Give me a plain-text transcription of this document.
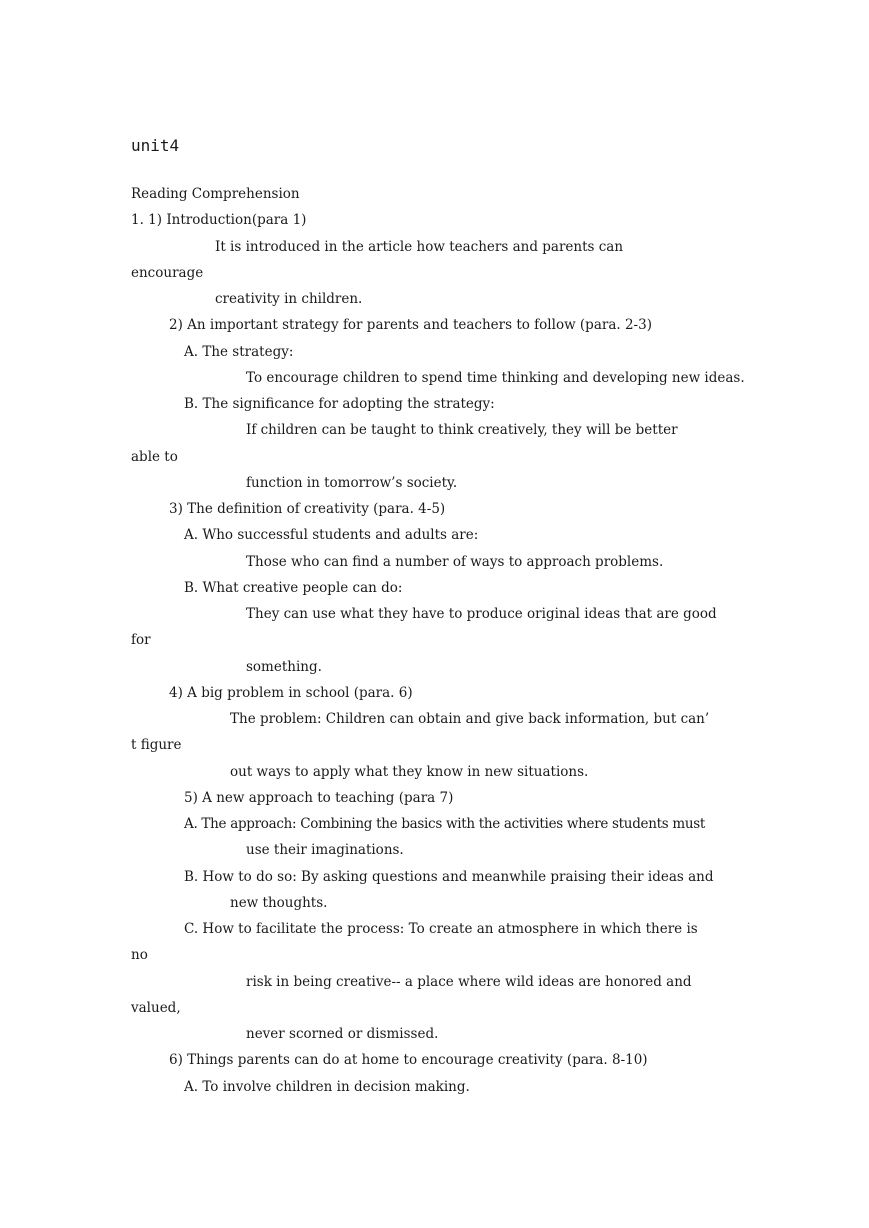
unit4
Reading Comprehension
1. 1) Introduction(para 1)
It is introduced in the article how teachers and parents can
encourage
creativity in children.
2) An important strategy for parents and teachers to follow (para. 2-3)
A. The strategy:
To encourage children to spend time thinking and developing new ideas.
B. The significance for adopting the strategy:
If children can be taught to think creatively, they will be better
able to
function in tomorrow’s society.
3) The definition of creativity (para. 4-5)
A. Who successful students and adults are:
Those who can find a number of ways to approach problems.
B. What creative people can do:
They can use what they have to produce original ideas that are good
for
something.
4) A big problem in school (para. 6)
The problem: Children can obtain and give back information, but can’
t figure
out ways to apply what they know in new situations.
5) A new approach to teaching (para 7)
A. The approach: Combining the basics with the activities where students must
use their imaginations.
B. How to do so: By asking questions and meanwhile praising their ideas and
new thoughts.
C. How to facilitate the process: To create an atmosphere in which there is
no
risk in being creative-- a place where wild ideas are honored and
valued,
never scorned or dismissed.
6) Things parents can do at home to encourage creativity (para. 8-10)
A. To involve children in decision making.
